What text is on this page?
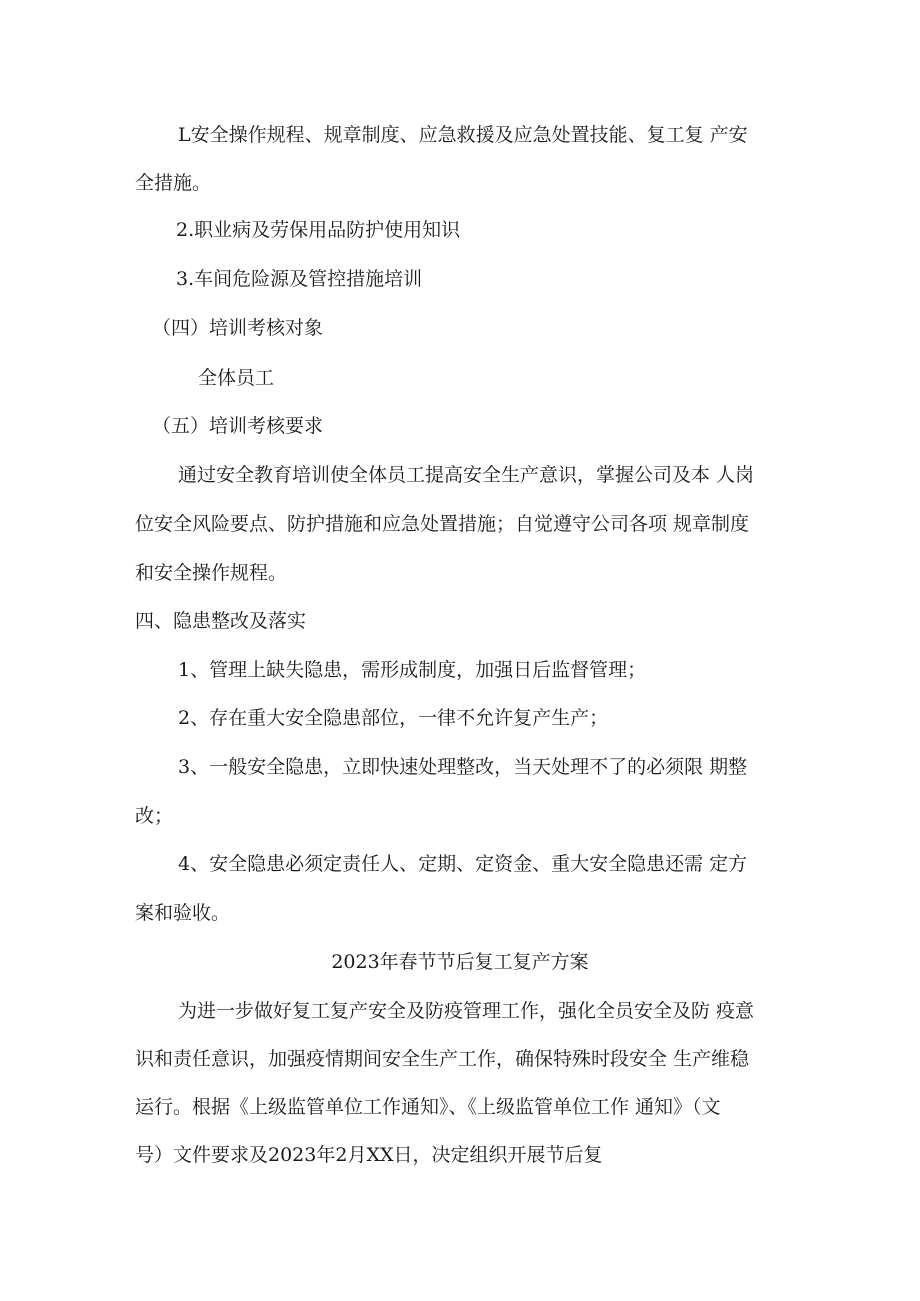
L安全操作规程、规章制度、应急救援及应急处置技能、复工复 产安
全措施。
2.职业病及劳保用品防护使用知识
3.车间危险源及管控措施培训
（四）培训考核对象
全体员工
（五）培训考核要求
通过安全教育培训使全体员工提高安全生产意识，掌握公司及本 人岗
位安全风险要点、防护措施和应急处置措施；自觉遵守公司各项 规章制度
和安全操作规程。
四、隐患整改及落实
1、管理上缺失隐患，需形成制度，加强日后监督管理；
2、存在重大安全隐患部位，一律不允许复产生产；
3、一般安全隐患，立即快速处理整改，当天处理不了的必须限 期整
改；
4、安全隐患必须定责任人、定期、定资金、重大安全隐患还需 定方
案和验收。
2023年春节节后复工复产方案
为进一步做好复工复产安全及防疫管理工作，强化全员安全及防 疫意
识和责任意识，加强疫情期间安全生产工作，确保特殊时段安全 生产维稳
运行。根据《上级监管单位工作通知》、《上级监管单位工作 通知》（文
号）文件要求及2023年2月XX日，决定组织开展节后复
